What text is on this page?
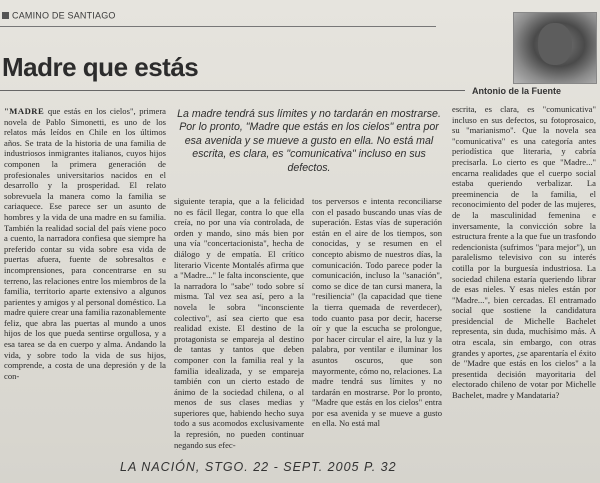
CAMINO DE SANTIAGO
Madre que estás
Antonio de la Fuente
"MADRE que estás en los cielos", primera novela de Pablo Simonetti, es uno de los relatos más leídos en Chile en los últimos años. Se trata de la historia de una familia de industriosos inmigrantes italianos, cuyos hijos componen la primera generación de profesionales universitarios nacidos en el desarrollo y la prosperidad. El relato sobrevuela la manera como la familia se cariaquece. Ese parece ser un asunto de hombres y la vida de una madre en su familia. También la realidad social del país viene poco a cuento, la narradora confiesa que siempre ha preferido contar su vida sobre esa vida de puertas afuera, fuente de sobresaltos e incomprensiones, para concentrarse en su terreno, las relaciones entre los miembros de la familia, territorio aparte extensivo a algunos parientes y amigos y al personal doméstico. La madre quiere crear una familia razonablemente feliz, que abra las puertas al mundo a unos hijos de los que pueda sentirse orgullosa, y a esa tarea se da en cuerpo y alma. Andando la vida, y sobre todo la vida de sus hijos, comprende, a costa de una depresión y de la con-
La madre tendrá sus límites y no tardarán en mostrarse. Por lo pronto, "Madre que estás en los cielos" entra por esa avenida y se mueve a gusto en ella. No está mal escrita, es clara, es "comunicativa" incluso en sus defectos.
siguiente terapia, que a la felicidad no es fácil llegar, contra lo que ella creía, no por una vía controlada, de orden y mando, sino más bien por una vía "concertacionista", hecha de diálogo y de empatía. El crítico literario Vicente Montalés afirma que a "Madre..." le falta inconsciente, que la narradora lo "sabe" todo sobre sí misma. Tal vez sea así, pero a la novela le sobra "inconsciente colectivo", así sea cierto que esa realidad existe. El destino de la protagonista se empareja al destino de tantas y tantos que deben componer con la familia real y la familia idealizada, y se empareja también con un cierto estado de ánimo de la sociedad chilena, o al menos de sus clases medias y superiores que, habiendo hecho suya todo a sus acomodos exclusivamente la represión, no pueden continuar negando sus efec-
tos perversos e intenta reconciliarse con el pasado buscando unas vías de superación. Estas vías de superación están en el aire de los tiempos, son conocidas, y se resumen en el concepto abismo de nuestros días, la comunicación. Todo parece poder la comunicación, incluso la "sanación", como se dice de tan cursi manera, la "resiliencia" (la capacidad que tiene la tierra quemada de reverdecer), todo cuanto pasa por decir, hacerse oír y que la escucha se prolongue, por hacer circular el aire, la luz y la palabra, por ventilar e iluminar los asuntos oscuros, que son mayormente, cómo no, relaciones. La madre tendrá sus límites y no tardarán en mostrarse. Por lo pronto, "Madre que estás en los cielos" entra por esa avenida y se mueve a gusto en ella. No está mal
escrita, es clara, es "comunicativa" incluso en sus defectos, su fotoprosaico, su "marianismo". Que la novela sea "comunicativa" es una categoría antes periodística que literaria, y cabría precisarla. Lo cierto es que "Madre..." encarna realidades que el cuerpo social estaba queriendo verbalizar. La preeminencia de la familia, el reconocimiento del poder de las mujeres, de la masculinidad femenina e inversamente, la convicción sobre la estructura frente a la que fue un trasfondo redencionista (sufrimos "para mejor"), un paralelismo televisivo con su interés cotilla por la burguesía industriosa. La sociedad chilena estaría queriendo librar de esas nieles. Y esas nieles están por "Madre...", bien cercadas. El entramado social que sostiene la candidatura presidencial de Michelle Bachelet representa, sin duda, muchísimo más. A otra escala, sin embargo, con otras grandes y aportes, ¿se aparentaría el éxito de "Madre que estás en los cielos" a la presentida decisión mayoritaria del electorado chileno de votar por Michelle Bachelet, madre y Mandataria?
LA NACIÓN, STGO. 22 - SEPT. 2005 P. 32
